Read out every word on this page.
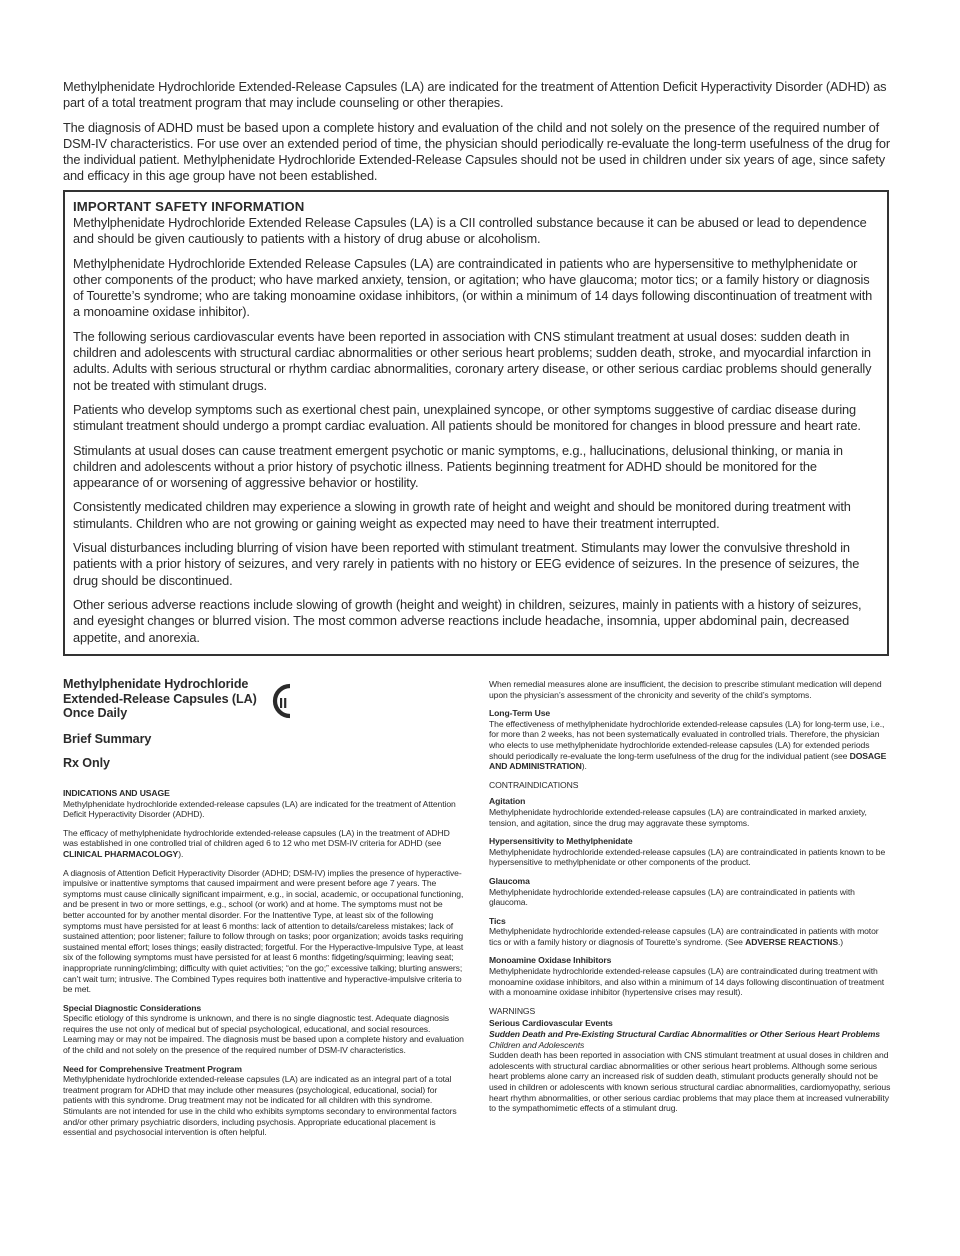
Methylphenidate Hydrochloride Extended-Release Capsules (LA) are indicated for the treatment of Attention Deficit Hyperactivity Disorder (ADHD) as part of a total treatment program that may include counseling or other therapies.

The diagnosis of ADHD must be based upon a complete history and evaluation of the child and not solely on the presence of the required number of DSM-IV characteristics. For use over an extended period of time, the physician should periodically re-evaluate the long-term usefulness of the drug for the individual patient. Methylphenidate Hydrochloride Extended-Release Capsules should not be used in children under six years of age, since safety and efficacy in this age group have not been established.

IMPORTANT SAFETY INFORMATION

Methylphenidate Hydrochloride Extended Release Capsules (LA) is a CII controlled substance because it can be abused or lead to dependence and should be given cautiously to patients with a history of drug abuse or alcoholism.

Methylphenidate Hydrochloride Extended Release Capsules (LA) are contraindicated in patients who are hypersensitive to methylphenidate or other components of the product; who have marked anxiety, tension, or agitation; who have glaucoma; motor tics; or a family history or diagnosis of Tourette’s syndrome; who are taking monoamine oxidase inhibitors, (or within a minimum of 14 days following discontinuation of treatment with a monoamine oxidase inhibitor).

The following serious cardiovascular events have been reported in association with CNS stimulant treatment at usual doses: sudden death in children and adolescents with structural cardiac abnormalities or other serious heart problems; sudden death, stroke, and myocardial infarction in adults. Adults with serious structural or rhythm cardiac abnormalities, coronary artery disease, or other serious cardiac problems should generally not be treated with stimulant drugs.

Patients who develop symptoms such as exertional chest pain, unexplained syncope, or other symptoms suggestive of cardiac disease during stimulant treatment should undergo a prompt cardiac evaluation. All patients should be monitored for changes in blood pressure and heart rate.

Stimulants at usual doses can cause treatment emergent psychotic or manic symptoms, e.g., hallucinations, delusional thinking, or mania in children and adolescents without a prior history of psychotic illness. Patients beginning treatment for ADHD should be monitored for the appearance of or worsening of aggressive behavior or hostility.

Consistently medicated children may experience a slowing in growth rate of height and weight and should be monitored during treatment with stimulants. Children who are not growing or gaining weight as expected may need to have their treatment interrupted.

Visual disturbances including blurring of vision have been reported with stimulant treatment. Stimulants may lower the convulsive threshold in patients with a prior history of seizures, and very rarely in patients with no history or EEG evidence of seizures. In the presence of seizures, the drug should be discontinued.

Other serious adverse reactions include slowing of growth (height and weight) in children, seizures, mainly in patients with a history of seizures, and eyesight changes or blurred vision. The most common adverse reactions include headache, insomnia, upper abdominal pain, decreased appetite, and anorexia.

Methylphenidate Hydrochloride Extended-Release Capsules (LA) Once Daily

II

Brief Summary

Rx Only

INDICATIONS AND USAGE

Methylphenidate hydrochloride extended-release capsules (LA) are indicated for the treatment of Attention Deficit Hyperactivity Disorder (ADHD).

The efficacy of methylphenidate hydrochloride extended-release capsules (LA) in the treatment of ADHD was established in one controlled trial of children aged 6 to 12 who met DSM-IV criteria for ADHD (see CLINICAL PHARMACOLOGY).

A diagnosis of Attention Deficit Hyperactivity Disorder (ADHD; DSM-IV) implies the presence of hyperactive-impulsive or inattentive symptoms that caused impairment and were present before age 7 years. The symptoms must cause clinically significant impairment, e.g., in social, academic, or occupational functioning, and be present in two or more settings, e.g., school (or work) and at home. The symptoms must not be better accounted for by another mental disorder. For the Inattentive Type, at least six of the following symptoms must have persisted for at least 6 months: lack of attention to details/careless mistakes; lack of sustained attention; poor listener; failure to follow through on tasks; poor organization; avoids tasks requiring sustained mental effort; loses things; easily distracted; forgetful. For the Hyperactive-Impulsive Type, at least six of the following symptoms must have persisted for at least 6 months: fidgeting/squirming; leaving seat; inappropriate running/climbing; difficulty with quiet activities; “on the go;” excessive talking; blurting answers; can’t wait turn; intrusive. The Combined Types requires both inattentive and hyperactive-impulsive criteria to be met.

Special Diagnostic Considerations

Specific etiology of this syndrome is unknown, and there is no single diagnostic test. Adequate diagnosis requires the use not only of medical but of special psychological, educational, and social resources. Learning may or may not be impaired. The diagnosis must be based upon a complete history and evaluation of the child and not solely on the presence of the required number of DSM-IV characteristics.

Need for Comprehensive Treatment Program

Methylphenidate hydrochloride extended-release capsules (LA) are indicated as an integral part of a total treatment program for ADHD that may include other measures (psychological, educational, social) for patients with this syndrome. Drug treatment may not be indicated for all children with this syndrome. Stimulants are not intended for use in the child who exhibits symptoms secondary to environmental factors and/or other primary psychiatric disorders, including psychosis. Appropriate educational placement is essential and psychosocial intervention is often helpful.

When remedial measures alone are insufficient, the decision to prescribe stimulant medication will depend upon the physician’s assessment of the chronicity and severity of the child’s symptoms.

Long-Term Use

The effectiveness of methylphenidate hydrochloride extended-release capsules (LA) for long-term use, i.e., for more than 2 weeks, has not been systematically evaluated in controlled trials. Therefore, the physician who elects to use methylphenidate hydrochloride extended-release capsules (LA) for extended periods should periodically re-evaluate the long-term usefulness of the drug for the individual patient (see DOSAGE AND ADMINISTRATION).

CONTRAINDICATIONS

Agitation

Methylphenidate hydrochloride extended-release capsules (LA) are contraindicated in marked anxiety, tension, and agitation, since the drug may aggravate these symptoms.

Hypersensitivity to Methylphenidate

Methylphenidate hydrochloride extended-release capsules (LA) are contraindicated in patients known to be hypersensitive to methylphenidate or other components of the product.

Glaucoma

Methylphenidate hydrochloride extended-release capsules (LA) are contraindicated in patients with glaucoma.

Tics

Methylphenidate hydrochloride extended-release capsules (LA) are contraindicated in patients with motor tics or with a family history or diagnosis of Tourette’s syndrome. (See ADVERSE REACTIONS.)

Monoamine Oxidase Inhibitors

Methylphenidate hydrochloride extended-release capsules (LA) are contraindicated during treatment with monoamine oxidase inhibitors, and also within a minimum of 14 days following discontinuation of treatment with a monoamine oxidase inhibitor (hypertensive crises may result).

WARNINGS

Serious Cardiovascular Events

Sudden Death and Pre-Existing Structural Cardiac Abnormalities or Other Serious Heart Problems

Children and Adolescents

Sudden death has been reported in association with CNS stimulant treatment at usual doses in children and adolescents with structural cardiac abnormalities or other serious heart problems. Although some serious heart problems alone carry an increased risk of sudden death, stimulant products generally should not be used in children or adolescents with known serious structural cardiac abnormalities, cardiomyopathy, serious heart rhythm abnormalities, or other serious cardiac problems that may place them at increased vulnerability to the sympathomimetic effects of a stimulant drug.
